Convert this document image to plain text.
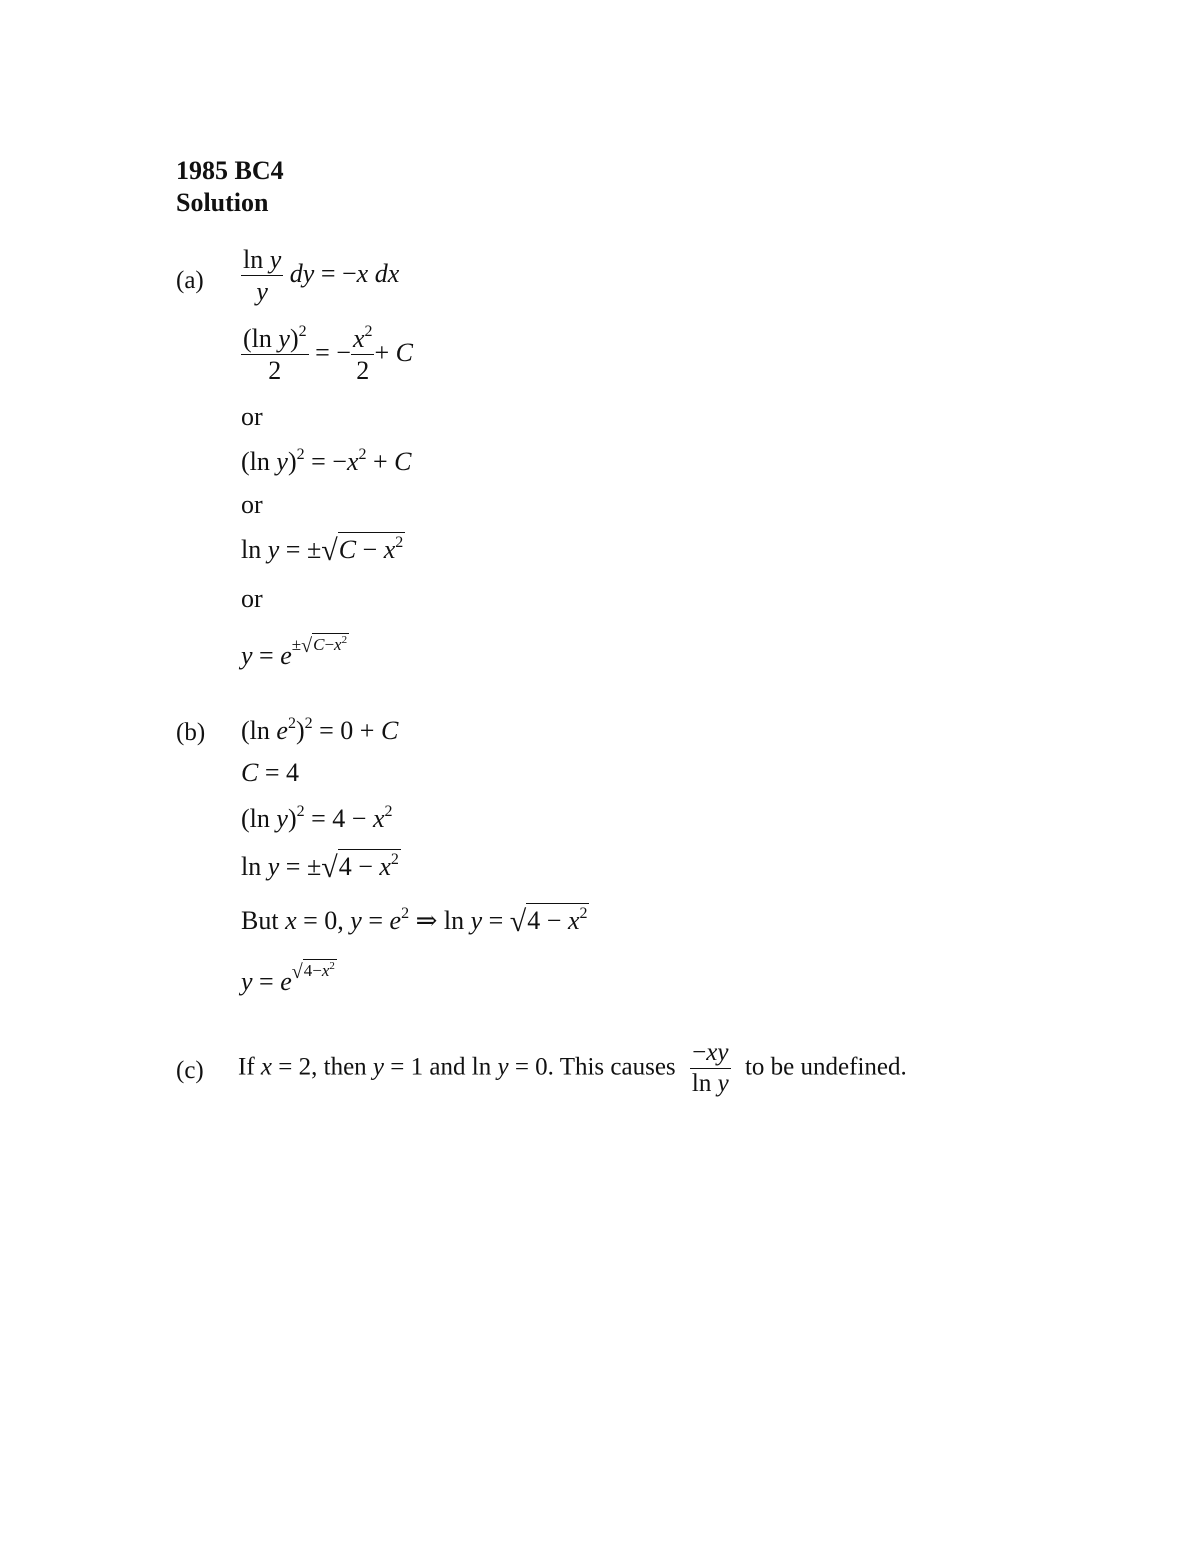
1985 BC4
Solution
$(a) \frac{\text{ln y}}{y}$ dy = −x dx
$\frac{(\ln y)^2}{2}$ = − $\frac{x^2}{2} + C$
or
(ln $y)^2 = -x^2 + C$
or
$\ln y = \pm√C - x^2$
or
$y = e^{\pm√C-x^2}$
(b) (ln $e^2)^2 = 0 + C$
C = 4
(ln $y)^2 = 4 - x^2$
$\ln y = \pm√4 - x^2$
But x = 0, $y = e^2$ ⇒ $\ln y = √4 - x^2$
$y = e^{√4-x^2}$
(c) If x = 2, then y = 1 and ln y = 0. This causes $\frac{-xy}{\text{ln y}}$ to be undefined.
